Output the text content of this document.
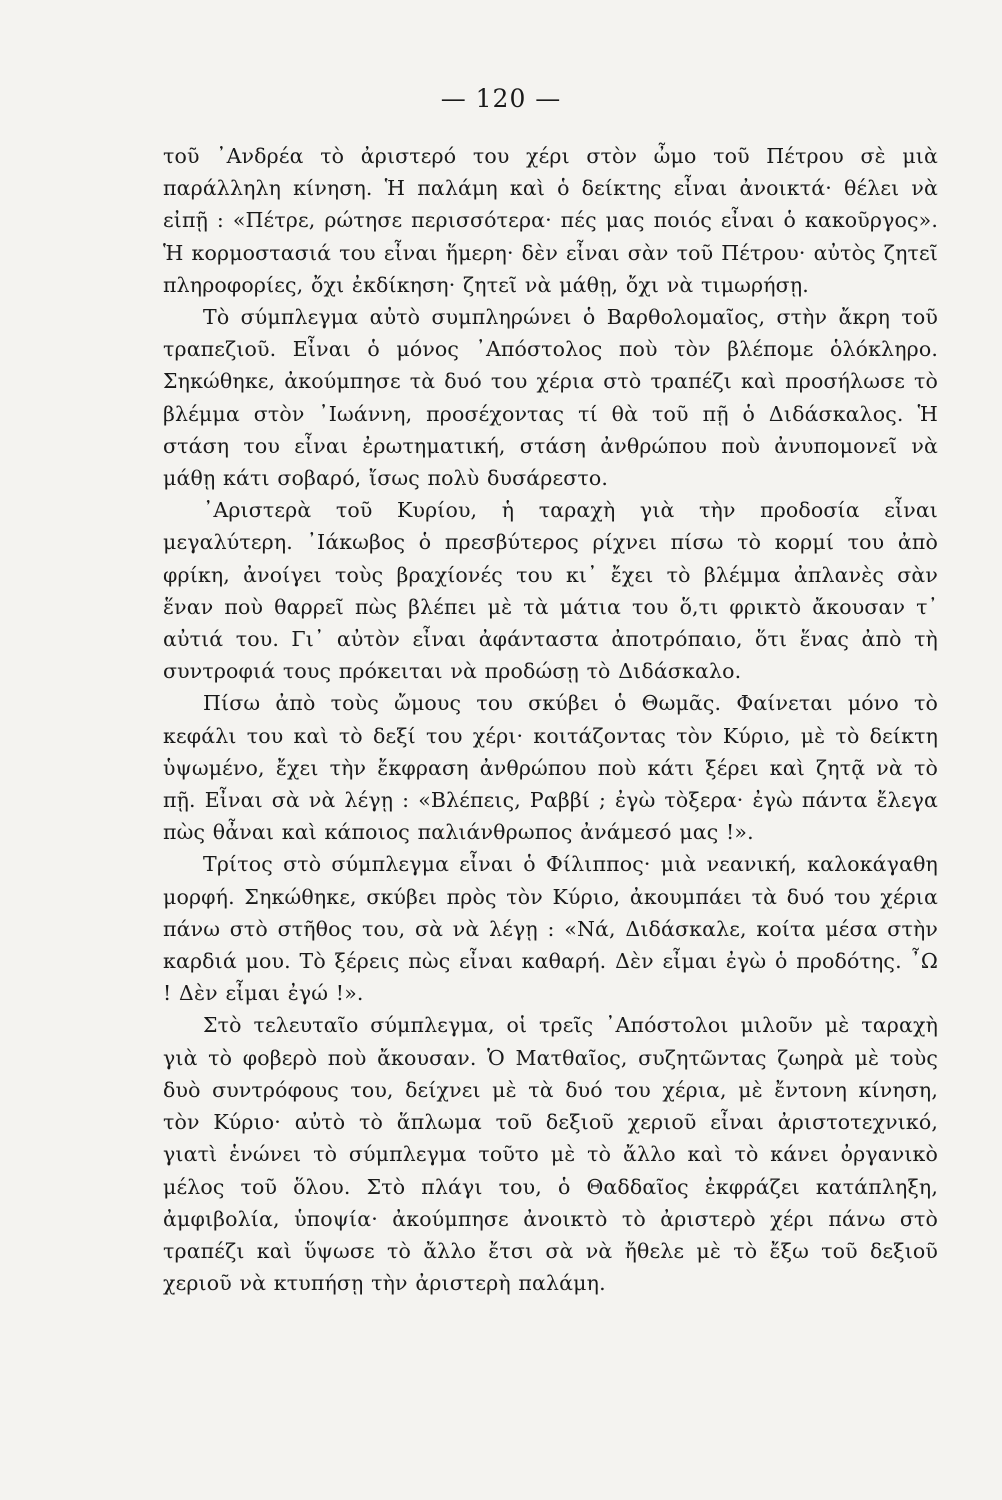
— 120 —

τοῦ ᾿Ανδρέα τὸ ἀριστερό του χέρι στὸν ὦμο τοῦ Πέτρου σὲ μιὰ παράλληλη κίνηση. Ἡ παλάμη καὶ ὁ δείκτης εἶναι ἀνοικτά· θέλει νὰ εἰπῇ : «Πέτρε, ρώτησε περισσότερα· πές μας ποιός εἶναι ὁ κακοῦργος». Ἡ κορμοστασιά του εἶναι ἥμερη· δὲν εἶναι σὰν τοῦ Πέτρου· αὐτὸς ζητεῖ πληροφορίες, ὄχι ἐκδίκηση· ζητεῖ νὰ μάθῃ, ὄχι νὰ τιμωρήσῃ.

Τὸ σύμπλεγμα αὐτὸ συμπληρώνει ὁ Βαρθολομαῖος, στὴν ἄκρη τοῦ τραπεζιοῦ. Εἶναι ὁ μόνος ᾿Απόστολος ποὺ τὸν βλέπομε ὁλόκληρο. Σηκώθηκε, ἀκούμπησε τὰ δυό του χέρια στὸ τραπέζι καὶ προσήλωσε τὸ βλέμμα στὸν ᾿Ιωάννη, προσέχοντας τί θὰ τοῦ πῇ ὁ Διδάσκαλος. Ἡ στάση του εἶναι ἐρωτηματική, στάση ἀνθρώπου ποὺ ἀνυπομονεῖ νὰ μάθῃ κάτι σοβαρό, ἴσως πολὺ δυσάρεστο.

᾿Αριστερὰ τοῦ Κυρίου, ἡ ταραχὴ γιὰ τὴν προδοσία εἶναι μεγαλύτερη. ᾿Ιάκωβος ὁ πρεσβύτερος ρίχνει πίσω τὸ κορμί του ἀπὸ φρίκη, ἀνοίγει τοὺς βραχίονές του κι᾿ ἔχει τὸ βλέμμα ἀπλανὲς σὰν ἕναν ποὺ θαρρεῖ πὼς βλέπει μὲ τὰ μάτια του ὅ,τι φρικτὸ ἄκουσαν τ᾿ αὐτιά του. Γι᾿ αὐτὸν εἶναι ἀφάνταστα ἀποτρόπαιο, ὅτι ἕνας ἀπὸ τὴ συντροφιά τους πρόκειται νὰ προδώσῃ τὸ Διδάσκαλο.

Πίσω ἀπὸ τοὺς ὤμους του σκύβει ὁ Θωμᾶς. Φαίνεται μόνο τὸ κεφάλι του καὶ τὸ δεξί του χέρι· κοιτάζοντας τὸν Κύριο, μὲ τὸ δείκτη ὑψωμένο, ἔχει τὴν ἔκφραση ἀνθρώπου ποὺ κάτι ξέρει καὶ ζητᾷ νὰ τὸ πῇ. Εἶναι σὰ νὰ λέγῃ : «Βλέπεις, Ραββί ; ἐγὼ τὸξερα· ἐγὼ πάντα ἔλεγα πὼς θἆναι καὶ κάποιος παλιάνθρωπος ἀνάμεσό μας !».

Τρίτος στὸ σύμπλεγμα εἶναι ὁ Φίλιππος· μιὰ νεανική, καλοκάγαθη μορφή. Σηκώθηκε, σκύβει πρὸς τὸν Κύριο, ἀκουμπάει τὰ δυό του χέρια πάνω στὸ στῆθος του, σὰ νὰ λέγῃ : «Νά, Διδάσκαλε, κοίτα μέσα στὴν καρδιά μου. Τὸ ξέρεις πὼς εἶναι καθαρή. Δὲν εἶμαι ἐγὼ ὁ προδότης. ῏Ω ! Δὲν εἶμαι ἐγώ !».

Στὸ τελευταῖο σύμπλεγμα, οἱ τρεῖς ᾿Απόστολοι μιλοῦν μὲ ταραχὴ γιὰ τὸ φοβερὸ ποὺ ἄκουσαν. Ὁ Ματθαῖος, συζητῶντας ζωηρὰ μὲ τοὺς δυὸ συντρόφους του, δείχνει μὲ τὰ δυό του χέρια, μὲ ἔντονη κίνηση, τὸν Κύριο· αὐτὸ τὸ ἅπλωμα τοῦ δεξιοῦ χεριοῦ εἶναι ἀριστοτεχνικό, γιατὶ ἑνώνει τὸ σύμπλεγμα τοῦτο μὲ τὸ ἄλλο καὶ τὸ κάνει ὀργανικὸ μέλος τοῦ ὅλου. Στὸ πλάγι του, ὁ Θαδδαῖος ἐκφράζει κατάπληξη, ἀμφιβολία, ὑποψία· ἀκούμπησε ἀνοικτὸ τὸ ἀριστερὸ χέρι πάνω στὸ τραπέζι καὶ ὕψωσε τὸ ἄλλο ἔτσι σὰ νὰ ἤθελε μὲ τὸ ἔξω τοῦ δεξιοῦ χεριοῦ νὰ κτυπήσῃ τὴν ἀριστερὴ παλάμη.
